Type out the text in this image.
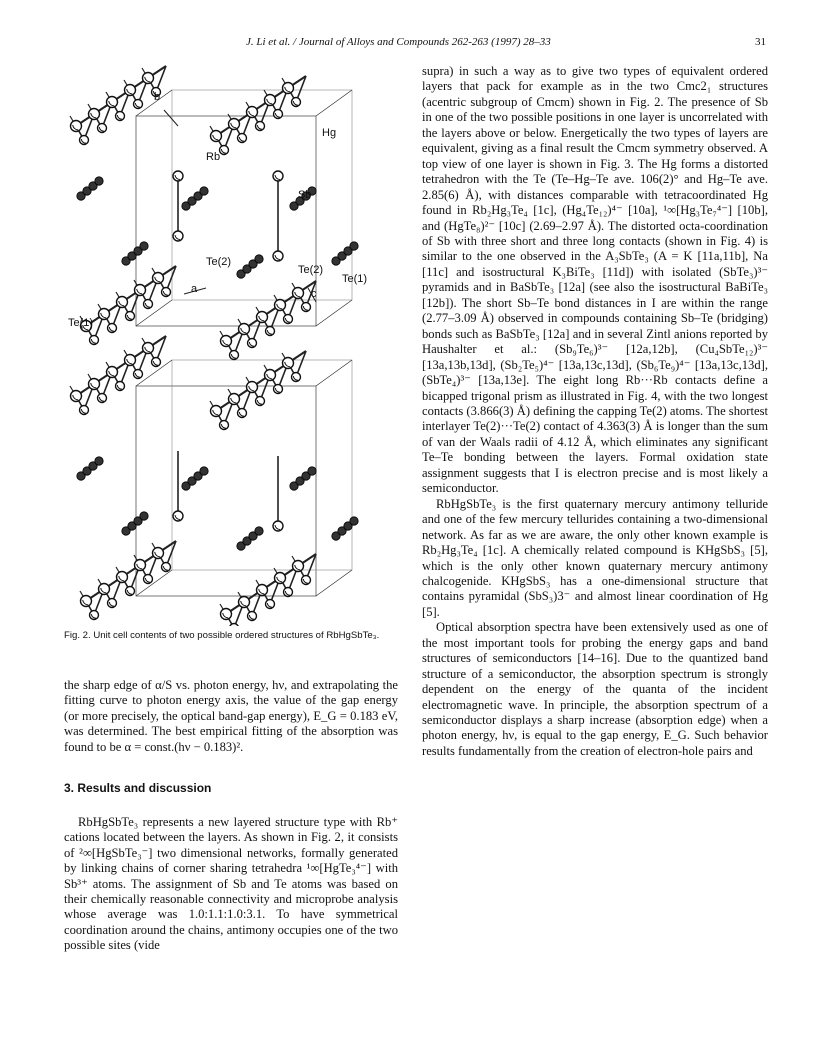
J. Li et al. / Journal of Alloys and Compounds 262-263 (1997) 28–33	31
b
Hg
Rb
Sb
Te(2)
Te(2)
Te(1)
a	c
Te(1)
Fig. 2. Unit cell contents of two possible ordered structures of RbHgSbTe₃.

the sharp edge of α/S vs. photon energy, hν, and extrapolating the fitting curve to photon energy axis, the value of the gap energy (or more precisely, the optical band-gap energy), E_G = 0.183 eV, was determined. The best empirical fitting of the absorption was found to be α = const.(hν − 0.183)².

3. Results and discussion

RbHgSbTe₃ represents a new layered structure type with Rb⁺ cations located between the layers. As shown in Fig. 2, it consists of ²∞[HgSbTe₃⁻] two dimensional networks, formally generated by linking chains of corner sharing tetrahedra ¹∞[HgTe₃⁴⁻] with Sb³⁺ atoms. The assignment of Sb and Te atoms was based on their chemically reasonable connectivity and microprobe analysis whose average was 1.0:1.1:1.0:3.1. To have symmetrical coordination around the chains, antimony occupies one of the two possible sites (vide

supra) in such a way as to give two types of equivalent ordered layers that pack for example as in the two Cmc2₁ structures (acentric subgroup of Cmcm) shown in Fig. 2. The presence of Sb in one of the two possible positions in one layer is uncorrelated with the layers above or below. Energetically the two types of layers are equivalent, giving as a final result the Cmcm symmetry observed. A top view of one layer is shown in Fig. 3. The Hg forms a distorted tetrahedron with the Te (Te–Hg–Te ave. 106(2)° and Hg–Te ave. 2.85(6) Å), with distances comparable with tetracoordinated Hg found in Rb₂Hg₃Te₄ [1c], (Hg₄Te₁₂)⁴⁻ [10a], ¹∞[Hg₃Te₇⁴⁻] [10b], and (HgTe₈)²⁻ [10c] (2.69–2.97 Å). The distorted octa-coordination of Sb with three short and three long contacts (shown in Fig. 4) is similar to the one observed in the A₃SbTe₃ (A = K [11a,11b], Na [11c] and isostructural K₃BiTe₃ [11d]) with isolated (SbTe₃)³⁻ pyramids and in BaSbTe₃ [12a] (see also the isostructural BaBiTe₃ [12b]). The short Sb–Te bond distances in I are within the range (2.77–3.09 Å) observed in compounds containing Sb–Te (bridging) bonds such as BaSbTe₃ [12a] and in several Zintl anions reported by Haushalter et al.: (Sb₉Te₆)³⁻ [12a,12b], (Cu₄SbTe₁₂)³⁻ [13a,13b,13d], (Sb₂Te₅)⁴⁻ [13a,13c,13d], (Sb₆Te₉)⁴⁻ [13a,13c,13d], (SbTe₄)³⁻ [13a,13e]. The eight long Rb···Rb contacts define a bicapped trigonal prism as illustrated in Fig. 4, with the two longest contacts (3.866(3) Å) defining the capping Te(2) atoms. The shortest interlayer Te(2)···Te(2) contact of 4.363(3) Å is longer than the sum of van der Waals radii of 4.12 Å, which eliminates any significant Te–Te bonding between the layers. Formal oxidation state assignment suggests that I is electron precise and is most likely a semiconductor.

RbHgSbTe₃ is the first quaternary mercury antimony telluride and one of the few mercury tellurides containing a two-dimensional network. As far as we are aware, the only other known example is Rb₂Hg₃Te₄ [1c]. A chemically related compound is KHgSbS₃ [5], which is the only other known quaternary mercury antimony chalcogenide. KHgSbS₃ has a one-dimensional structure that contains pyramidal (SbS₃)3⁻ and almost linear coordination of Hg [5].

Optical absorption spectra have been extensively used as one of the most important tools for probing the energy gaps and band structures of semiconductors [14–16]. Due to the quantized band structure of a semiconductor, the absorption spectrum is strongly dependent on the energy of the quanta of the incident electromagnetic wave. In principle, the absorption spectrum of a semiconductor displays a sharp increase (absorption edge) when a photon energy, hν, is equal to the gap energy, E_G. Such behavior results fundamentally from the creation of electron-hole pairs and
